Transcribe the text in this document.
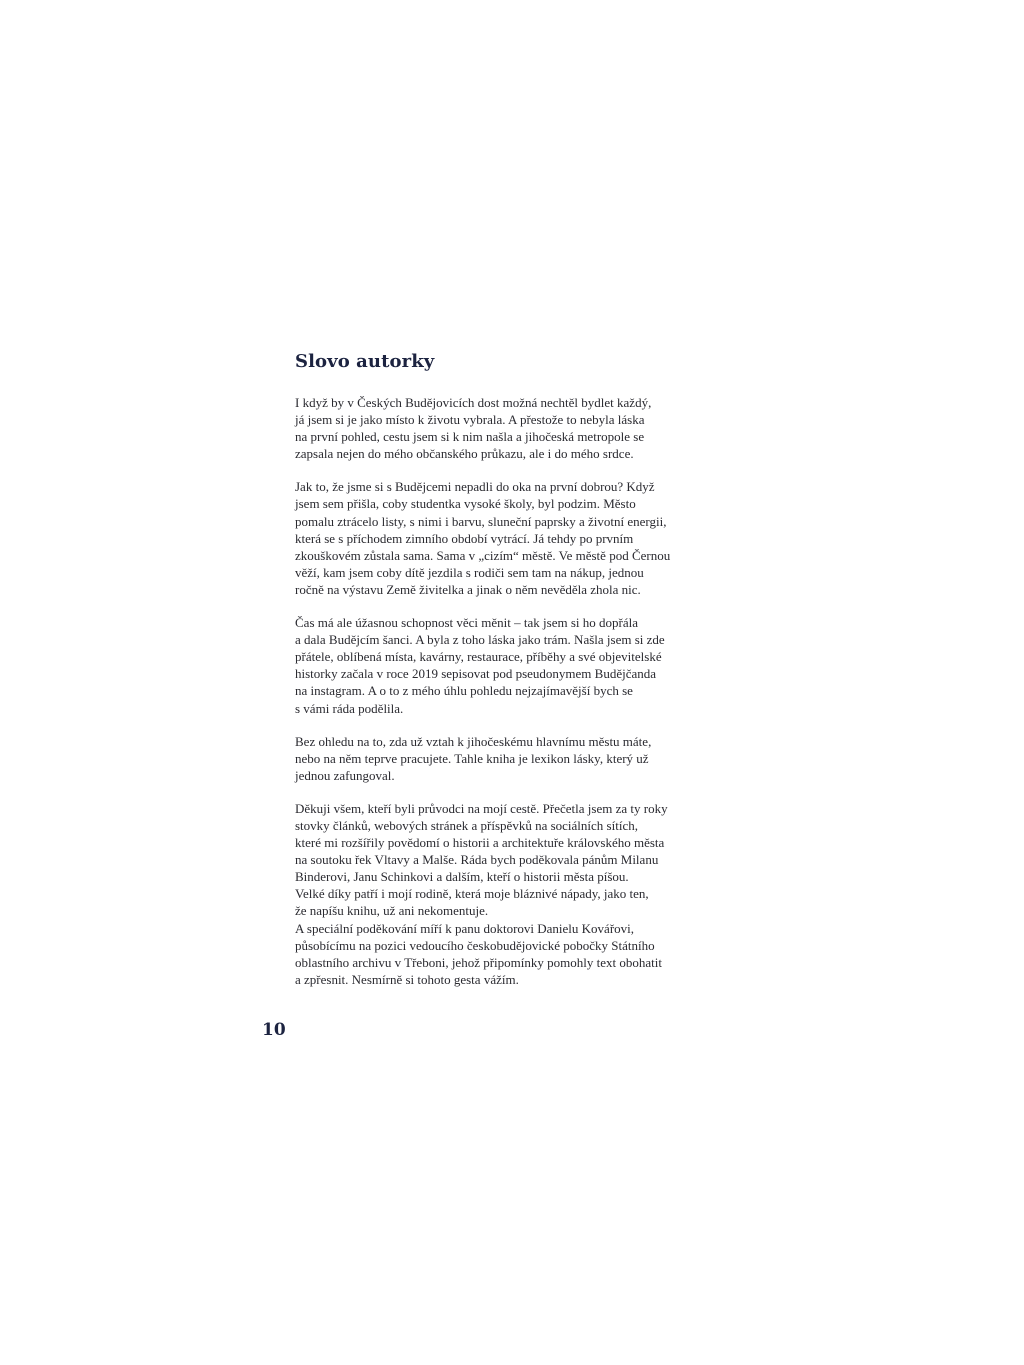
Slovo autorky

I když by v Českých Budějovicích dost možná nechtěl bydlet každý,
já jsem si je jako místo k životu vybrala. A přestože to nebyla láska
na první pohled, cestu jsem si k nim našla a jihočeská metropole se
zapsala nejen do mého občanského průkazu, ale i do mého srdce.

Jak to, že jsme si s Budějcemi nepadli do oka na první dobrou? Když
jsem sem přišla, coby studentka vysoké školy, byl podzim. Město
pomalu ztrácelo listy, s nimi i barvu, sluneční paprsky a životní energii,
která se s příchodem zimního období vytrácí. Já tehdy po prvním
zkouškovém zůstala sama. Sama v „cizím“ městě. Ve městě pod Černou
věží, kam jsem coby dítě jezdila s rodiči sem tam na nákup, jednou
ročně na výstavu Země živitelka a jinak o něm nevěděla zhola nic.

Čas má ale úžasnou schopnost věci měnit – tak jsem si ho dopřála
a dala Budějcím šanci. A byla z toho láska jako trám. Našla jsem si zde
přátele, oblíbená místa, kavárny, restaurace, příběhy a své objevitelské
historky začala v roce 2019 sepisovat pod pseudonymem Budějčanda
na instagram. A o to z mého úhlu pohledu nejzajímavější bych se
s vámi ráda podělila.

Bez ohledu na to, zda už vztah k jihočeskému hlavnímu městu máte,
nebo na něm teprve pracujete. Tahle kniha je lexikon lásky, který už
jednou zafungoval.

Děkuji všem, kteří byli průvodci na mojí cestě. Přečetla jsem za ty roky
stovky článků, webových stránek a příspěvků na sociálních sítích,
které mi rozšířily povědomí o historii a architektuře královského města
na soutoku řek Vltavy a Malše. Ráda bych poděkovala pánům Milanu
Binderovi, Janu Schinkovi a dalším, kteří o historii města píšou.
Velké díky patří i mojí rodině, která moje bláznivé nápady, jako ten,
že napíšu knihu, už ani nekomentuje.
A speciální poděkování míří k panu doktorovi Danielu Kovářovi,
působícímu na pozici vedoucího českobudějovické pobočky Státního
oblastního archivu v Třeboni, jehož připomínky pomohly text obohatit
a zpřesnit. Nesmírně si tohoto gesta vážím.

10
